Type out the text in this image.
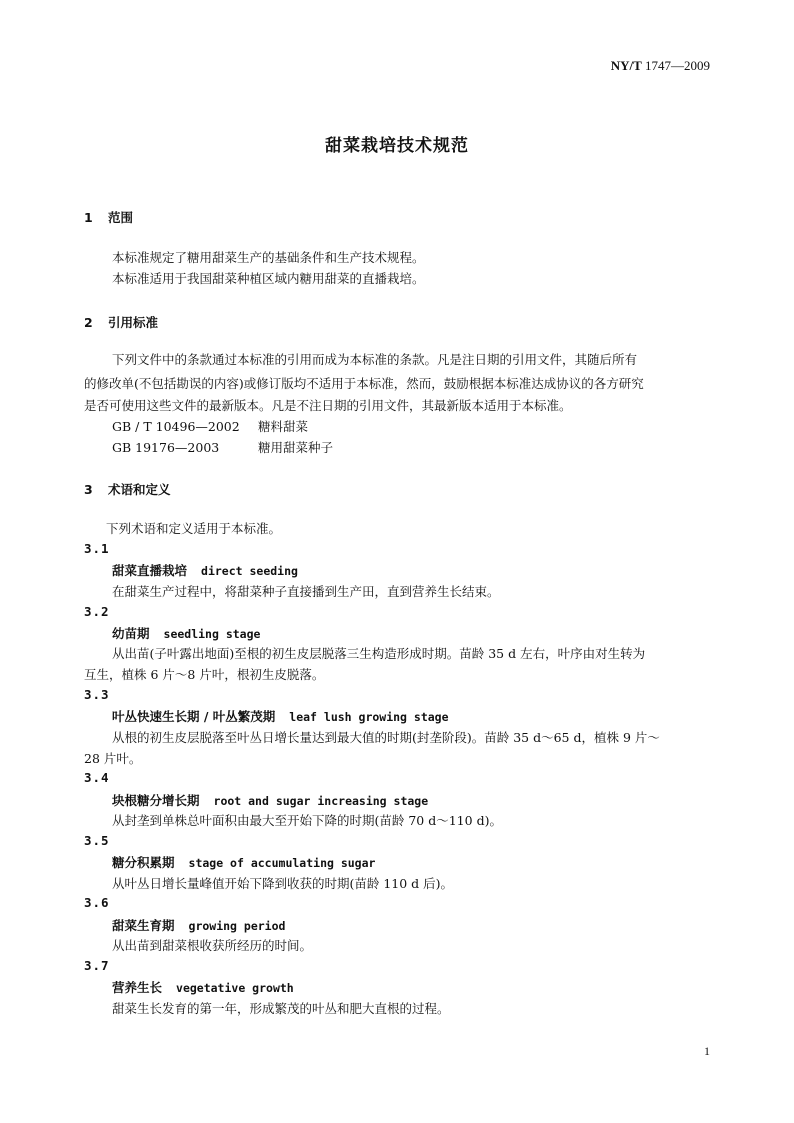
NY/T 1747—2009
甜菜栽培技术规范
1 范围
本标准规定了糖用甜菜生产的基础条件和生产技术规程。
本标准适用于我国甜菜种植区域内糖用甜菜的直播栽培。
2 引用标准
下列文件中的条款通过本标准的引用而成为本标准的条款。凡是注日期的引用文件，其随后所有
的修改单(不包括勘误的内容)或修订版均不适用于本标准，然而，鼓励根据本标准达成协议的各方研究
是否可使用这些文件的最新版本。凡是不注日期的引用文件，其最新版本适用于本标准。
GB / T 10496—2002 糖料甜菜
GB 19176—2003	糖用甜菜种子
3 术语和定义
下列术语和定义适用于本标准。
3.1
甜菜直播栽培 direct seeding
在甜菜生产过程中，将甜菜种子直接播到生产田，直到营养生长结束。
3.2
幼苗期 seedling stage
从出苗(子叶露出地面)至根的初生皮层脱落三生构造形成时期。苗龄 35 d 左右，叶序由对生转为
互生，植株 6 片～8 片叶，根初生皮脱落。
3.3
叶丛快速生长期 / 叶丛繁茂期 leaf lush growing stage
从根的初生皮层脱落至叶丛日增长量达到最大值的时期(封垄阶段)。苗龄 35 d～65 d，植株 9 片～
28 片叶。
3.4
块根糖分增长期 root and sugar increasing stage
从封垄到单株总叶面积由最大至开始下降的时期(苗龄 70 d～110 d)。
3.5
糖分积累期 stage of accumulating sugar
从叶丛日增长量峰值开始下降到收获的时期(苗龄 110 d 后)。
3.6
甜菜生育期 growing period
从出苗到甜菜根收获所经历的时间。
3.7
营养生长 vegetative growth
甜菜生长发育的第一年，形成繁茂的叶丛和肥大直根的过程。
1
